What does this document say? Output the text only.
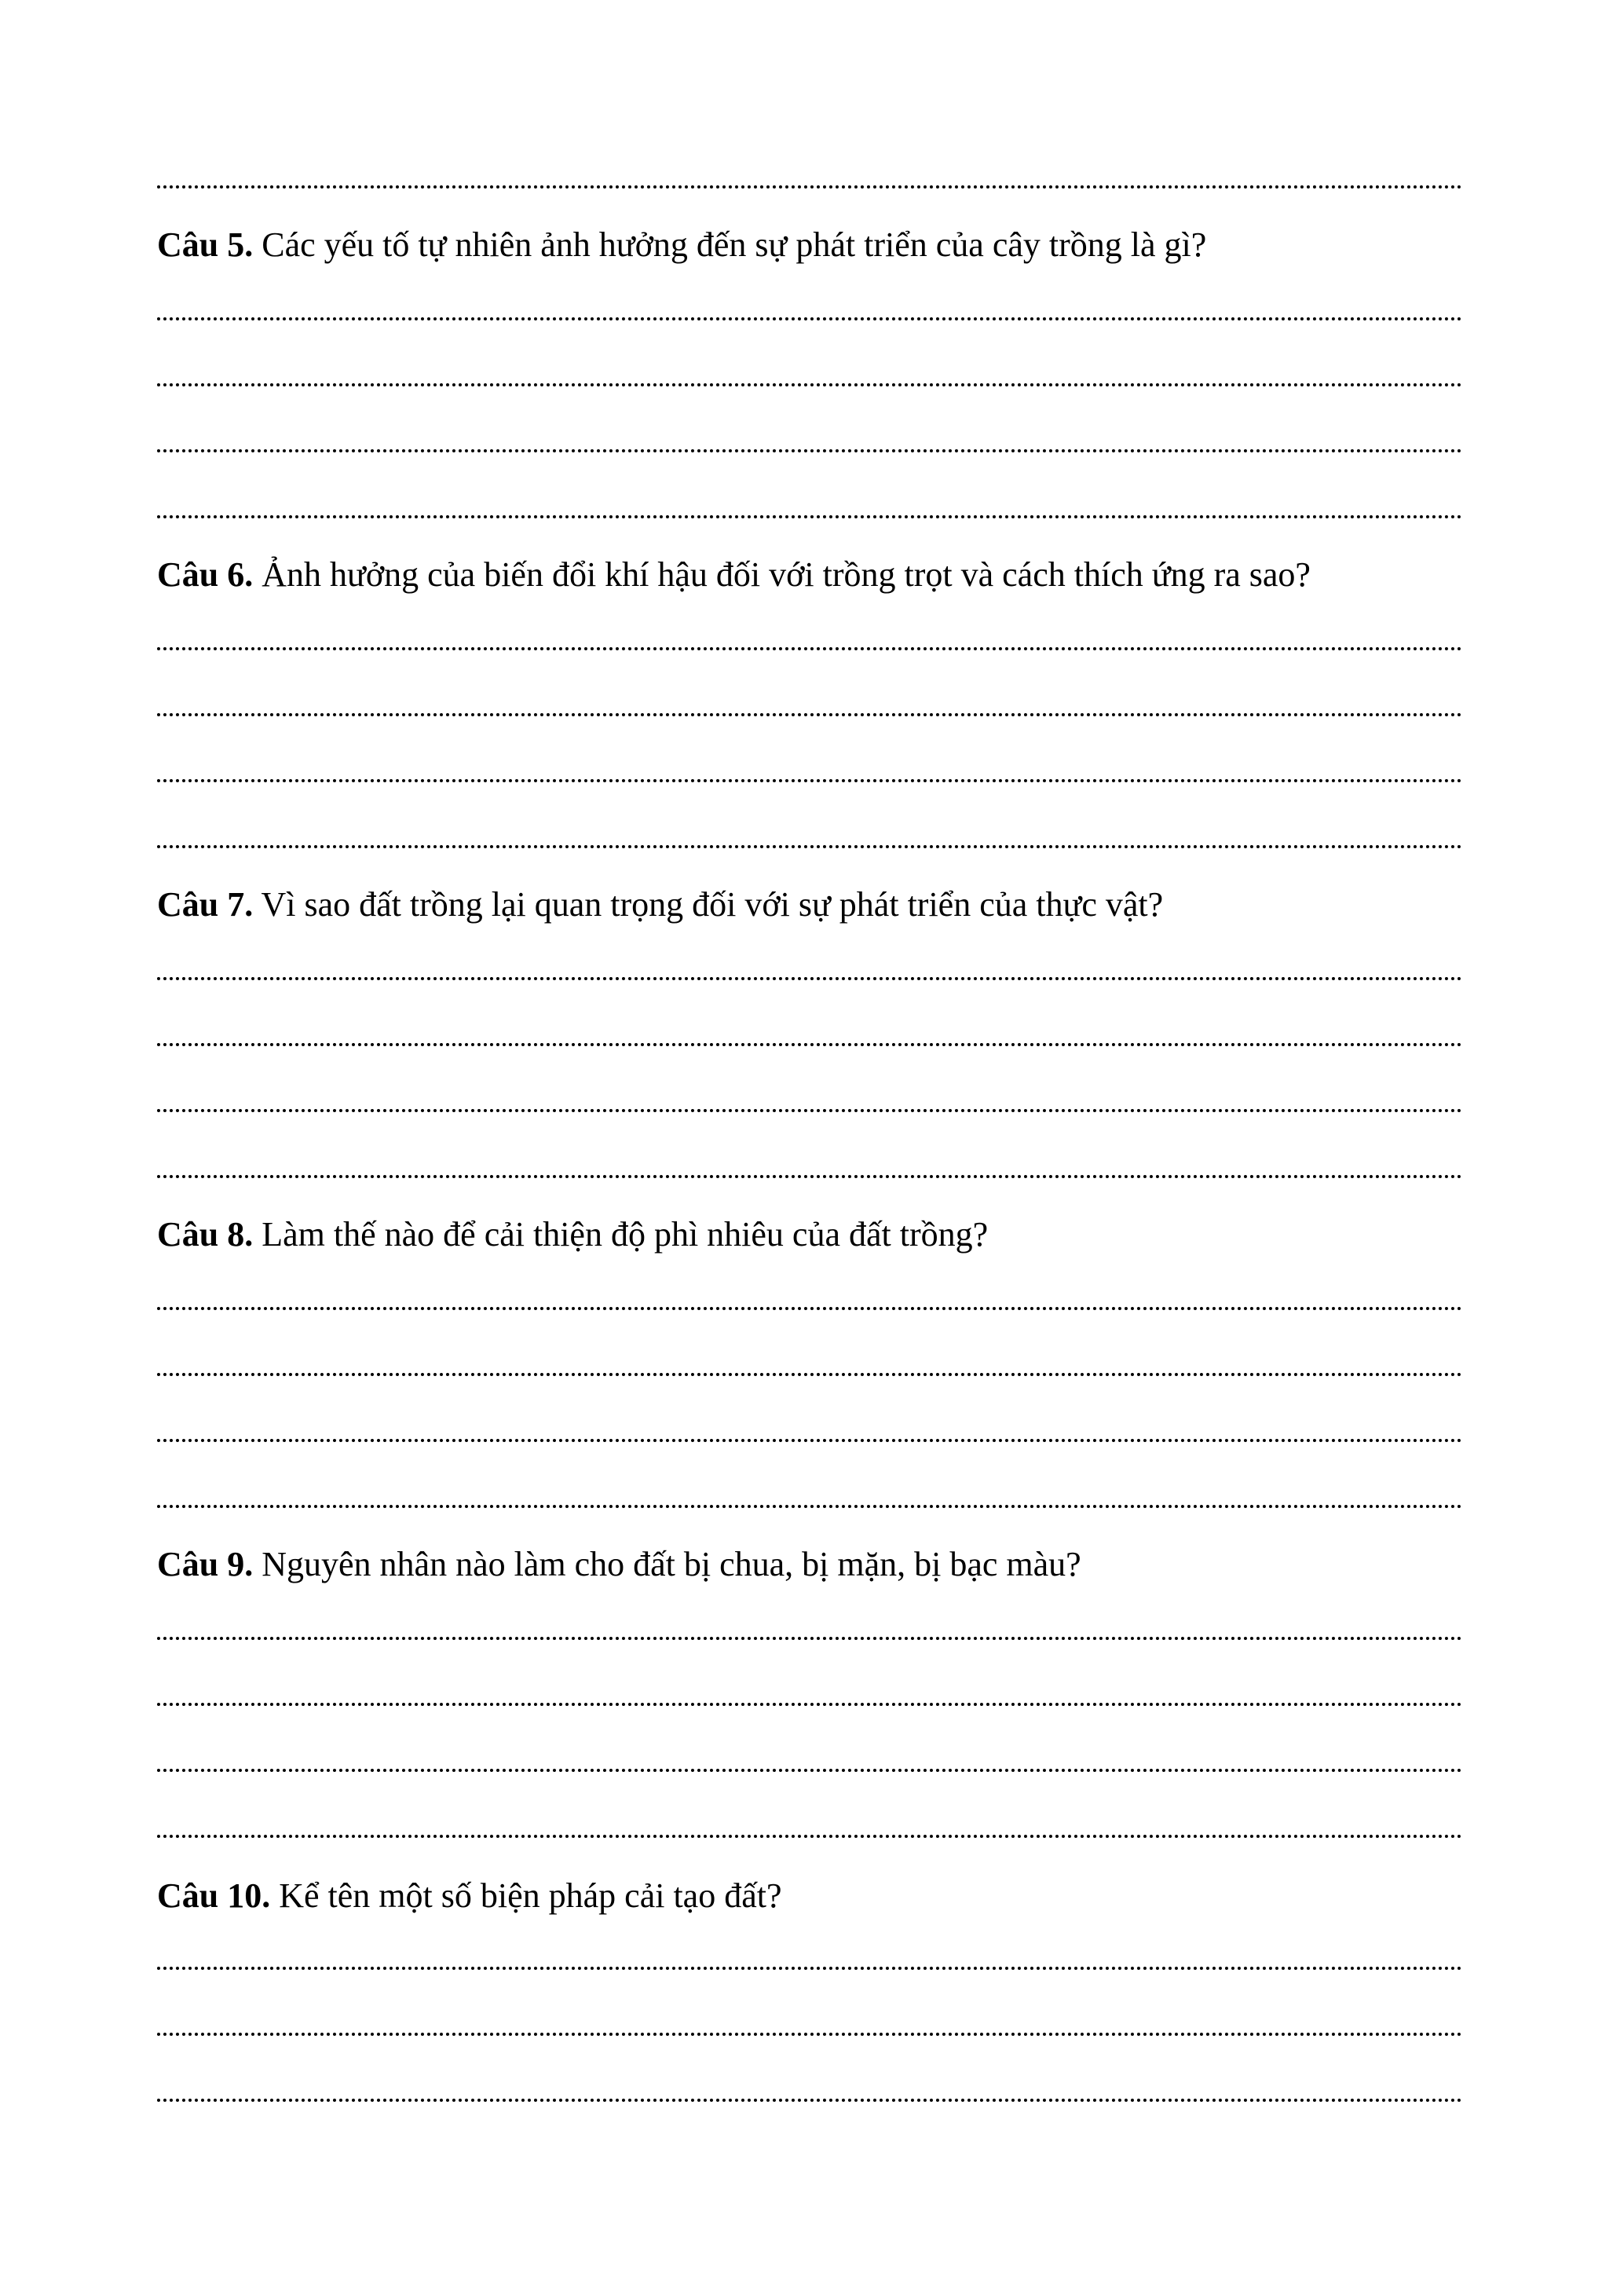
Câu 5. Các yếu tố tự nhiên ảnh hưởng đến sự phát triển của cây trồng là gì?
Câu 6. Ảnh hưởng của biến đổi khí hậu đối với trồng trọt và cách thích ứng ra sao?
Câu 7. Vì sao đất trồng lại quan trọng đối với sự phát triển của thực vật?
Câu 8. Làm thế nào để cải thiện độ phì nhiêu của đất trồng?
Câu 9. Nguyên nhân nào làm cho đất bị chua, bị mặn, bị bạc màu?
Câu 10. Kể tên một số biện pháp cải tạo đất?
